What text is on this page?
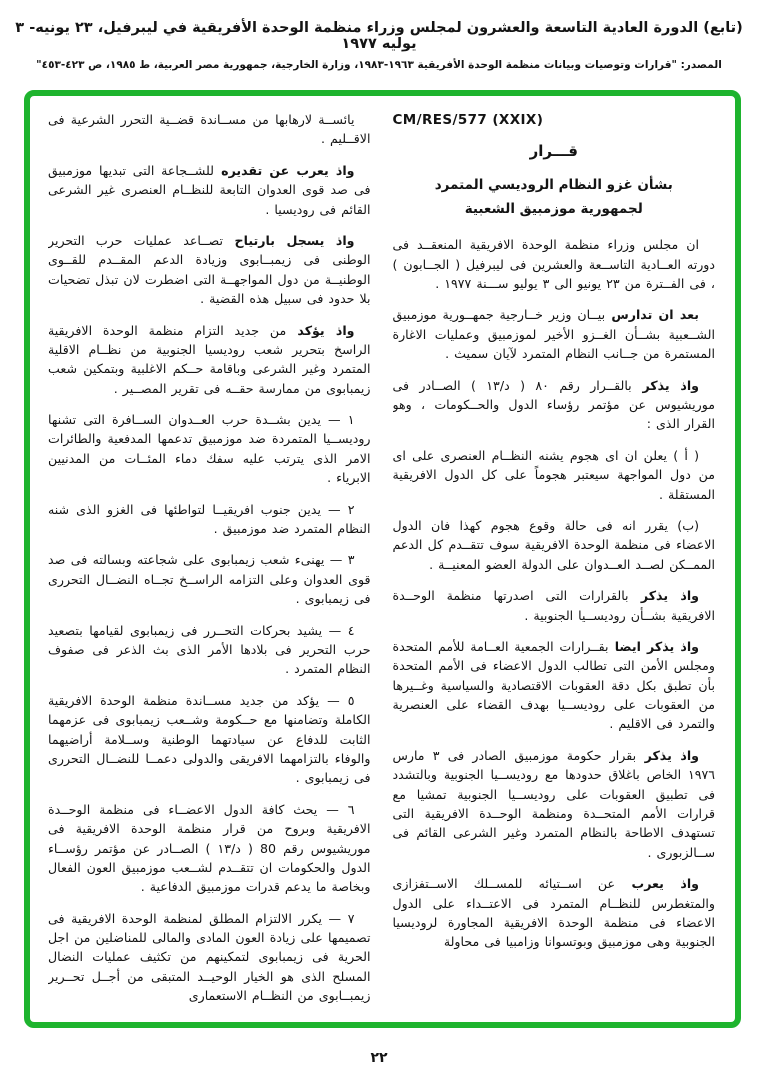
(تابع) الدورة العادية التاسعة والعشرون لمجلس وزراء منظمة الوحدة الأفريقية في ليبرفيل، ٢٣ يونيه- ٣ يوليه ١٩٧٧
المصدر: "قرارات وتوصيات وبيانات منظمة الوحدة الأفريقية ١٩٦٣-١٩٨٣، وزارة الخارجية، جمهورية مصر العربية، ط ١٩٨٥، ص ٤٢٣-٤٥٣"
CM/RES/577 (XXIX)
قـــرار
بشأن غزو النظام الروديسي المتمرد
لجمهورية موزمبيق الشعبية

ان مجلس وزراء منظمة الوحدة الافريقية المنعقــد فى دورته العــادية التاســعة والعشرين فى ليبرفيل ( الجــابون ) ، فى الفــترة من ٢٣ يونيو الى ٣ يوليو ســـنة ١٩٧٧ .

بعد ان تدارس بيــان وزير خــارجية جمهــورية موزمبيق الشــعبية بشــأن الغــزو الأخير لموزمبيق وعمليات الاغارة المستمرة من جــانب النظام المتمرد لآيان سميث .

واذ يذكر بالقــرار رقم ٨٠ ( د/١٣ ) الصــادر فى موريشيوس عن مؤتمر رؤساء الدول والحــكومات ، وهو القرار الذى :

( أ ) يعلن ان اى هجوم يشنه النظــام العنصرى على اى من دول المواجهة سيعتبر هجوماً على كل الدول الافريقية المستقلة .

(ب) يقرر انه فى حالة وقوع هجوم كهذا فان الدول الاعضاء فى منظمة الوحدة الافريقية سوف تتقــدم كل الدعم الممــكن لصــد العــدوان على الدولة العضو المعنيــة .

واذ يذكر بالقرارات التى اصدرتها منظمة الوحــدة الافريقية بشــأن روديســيا الجنوبية .

واذ يذكر ايضا بقــرارات الجمعية العــامة للأمم المتحدة ومجلس الأمن التى تطالب الدول الاعضاء فى الأمم المتحدة بأن تطبق بكل دقة العقوبات الاقتصادية والسياسية وغــيرها من العقوبات على روديســيا بهدف القضاء على العنصرية والتمرد فى الاقليم .

واذ يذكر بقرار حكومة موزمبيق الصادر فى ٣ مارس ١٩٧٦ الخاص باغلاق حدودها مع روديســيا الجنوبية وبالتشدد فى تطبيق العقوبات على روديســيا الجنوبية تمشيا مع قرارات الأمم المتحــدة ومنظمة الوحــدة الافريقية التى تستهدف الاطاحة بالنظام المتمرد وغير الشرعى القائم فى ســالزبورى .

واذ يعرب عن اســتيائه للمســلك الاســتفزازى والمتغطرس للنظــام المتمرد فى الاعتــداء على الدول الاعضاء فى منظمة الوحدة الافريقية المجاورة لروديسيا الجنوبية وهى موزمبيق وبوتسوانا وزامبيا فى محاولة

يائســة لارهابها من مســاندة قضــية التحرر الشرعية فى الاقــليم .

واذ يعرب عن تقديره للشــجاعة التى تبديها موزمبيق فى صد قوى العدوان التابعة للنظــام العنصرى غير الشرعى القائم فى روديسيا .

واذ يسجل بارتياح تصــاعد عمليات حرب التحرير الوطنى فى زيمبــابوى وزيادة الدعم المقــدم للقــوى الوطنيــة من دول المواجهــة التى اضطرت لان تبذل تضحيات بلا حدود فى سبيل هذه القضية .

واذ يؤكد من جديد التزام منظمة الوحدة الافريقية الراسخ بتحرير شعب روديسيا الجنوبية من نظــام الاقلية المتمرد وغير الشرعى وباقامة حــكم الاغلبية وبتمكين شعب زيمبابوى من ممارسة حقــه فى تقرير المصــير .

١ — يدين بشــدة حرب العــدوان الســافرة التى تشنها روديســيا المتمردة ضد موزمبيق تدعمها المدفعية والطائرات الامر الذى يترتب عليه سفك دماء المئــات من المدنيين الابرياء .

٢ — يدين جنوب افريقيــا لتواطئها فى الغزو الذى شنه النظام المتمرد ضد موزمبيق .

٣ — يهنىء شعب زيمبابوى على شجاعته وبسالته فى صد قوى العدوان وعلى التزامه الراســخ تجــاه النضــال التحررى فى زيمبابوى .

٤ — يشيد بحركات التحــرر فى زيمبابوى لقيامها بتصعيد حرب التحرير فى بلادها الأمر الذى بث الذعر فى صفوف النظام المتمرد .

٥ — يؤكد من جديد مســاندة منظمة الوحدة الافريقية الكاملة وتضامنها مع حــكومة وشــعب زيمبابوى فى عزمهما الثابت للدفاع عن سيادتهما الوطنية وســلامة أراضيهما والوفاء بالتزامهما الافريقى والدولى دعمــا للنضــال التحررى فى زيمبابوى .

٦ — يحث كافة الدول الاعضــاء فى منظمة الوحــدة الافريقية وبروح من قرار منظمة الوحدة الافريقية فى موريشيوس رقم 80 ( د/١٣ ) الصــادر عن مؤتمر رؤســاء الدول والحكومات ان تتقــدم لشــعب موزمبيق العون الفعال وبخاصة ما يدعم قدرات موزمبيق الدفاعية .

٧ — يكرر الالتزام المطلق لمنظمة الوحدة الافريقية فى تصميمها على زيادة العون المادى والمالى للمناضلين من اجل الحرية فى زيمبابوى لتمكينهم من تكثيف عمليات النضال المسلح الذى هو الخيار الوحيــد المتبقى من أجــل تحــرير زيمبــابوى من النظــام الاستعمارى

٢٢
